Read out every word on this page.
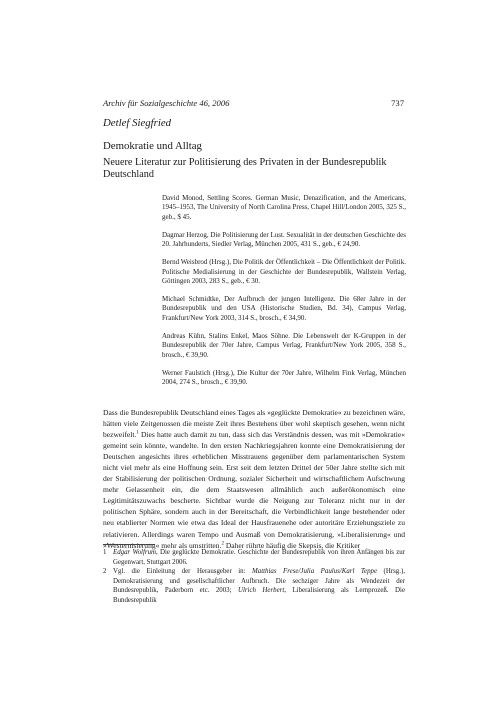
Archiv für Sozialgeschichte 46, 2006	737
Detlef Siegfried
Demokratie und Alltag
Neuere Literatur zur Politisierung des Privaten in der Bundesrepublik Deutschland
David Monod, Settling Scores. German Music, Denazification, and the Americans, 1945–1953, The University of North Carolina Press, Chapel Hill/London 2005, 325 S., geb., $ 45.
Dagmar Herzog, Die Politisierung der Lust. Sexualität in der deutschen Geschichte des 20. Jahrhunderts, Siedler Verlag, München 2005, 431 S., geb., € 24,90.
Bernd Weisbrod (Hrsg.), Die Politik der Öffentlichkeit – Die Öffentlichkeit der Politik. Politische Medialisierung in der Geschichte der Bundesrepublik, Wallstein Verlag, Göttingen 2003, 283 S., geb., € 30.
Michael Schmidtke, Der Aufbruch der jungen Intelligenz. Die 68er Jahre in der Bundesrepublik und den USA (Historische Studien, Bd. 34), Campus Verlag, Frankfurt/New York 2003, 314 S., brosch., € 34,90.
Andreas Kühn, Stalins Enkel, Maos Söhne. Die Lebenswelt der K-Gruppen in der Bundesrepublik der 70er Jahre, Campus Verlag, Frankfurt/New York 2005, 358 S., brosch., € 39,90.
Werner Faulstich (Hrsg.), Die Kultur der 70er Jahre, Wilhelm Fink Verlag, München 2004, 274 S., brosch., € 39,90.
Dass die Bundesrepublik Deutschland eines Tages als »geglückte Demokratie« zu bezeichnen wäre, hätten viele Zeitgenossen die meiste Zeit ihres Bestehens über wohl skeptisch gesehen, wenn nicht bezweifelt.$^1$ Dies hatte auch damit zu tun, dass sich das Verständnis dessen, was mit »Demokratie« gemeint sein könnte, wandelte. In den ersten Nachkriegsjahren konnte eine Demokratisierung der Deutschen angesichts ihres erheblichen Misstrauens gegenüber dem parlamentarischen System nicht viel mehr als eine Hoffnung sein. Erst seit dem letzten Drittel der 50er Jahre stellte sich mit der Stabilisierung der politischen Ordnung, sozialer Sicherheit und wirtschaftlichem Aufschwung mehr Gelassenheit ein, die dem Staatswesen allmählich auch außerökonomisch eine Legitimitätszuwachs bescherte. Sichtbar wurde die Neigung zur Toleranz nicht nur in der politischen Sphäre, sondern auch in der Bereitschaft, die Verbindlichkeit lange bestehender oder neu etablierter Normen wie etwa das Ideal der Hausfrauenehe oder autoritäre Erziehungsziele zu relativieren. Allerdings waren Tempo und Ausmaß von Demokratisierung, »Liberalisierung« und »Westernisierung« mehr als umstritten.$^2$ Daher rührte häufig die Skepsis, die Kritiker
1 Edgar Wolfrum, Die geglückte Demokratie. Geschichte der Bundesrepublik von ihren Anfängen bis zur Gegenwart, Stuttgart 2006.
2 Vgl. die Einleitung der Herausgeber in: Matthias Frese/Julia Paulus/Karl Teppe (Hrsg.), Demokratisierung und gesellschaftlicher Aufbruch. Die sechziger Jahre als Wendezeit der Bundesrepublik, Paderborn etc. 2003; Ulrich Herbert, Liberalisierung als Lernprozeß. Die Bundesrepublik
